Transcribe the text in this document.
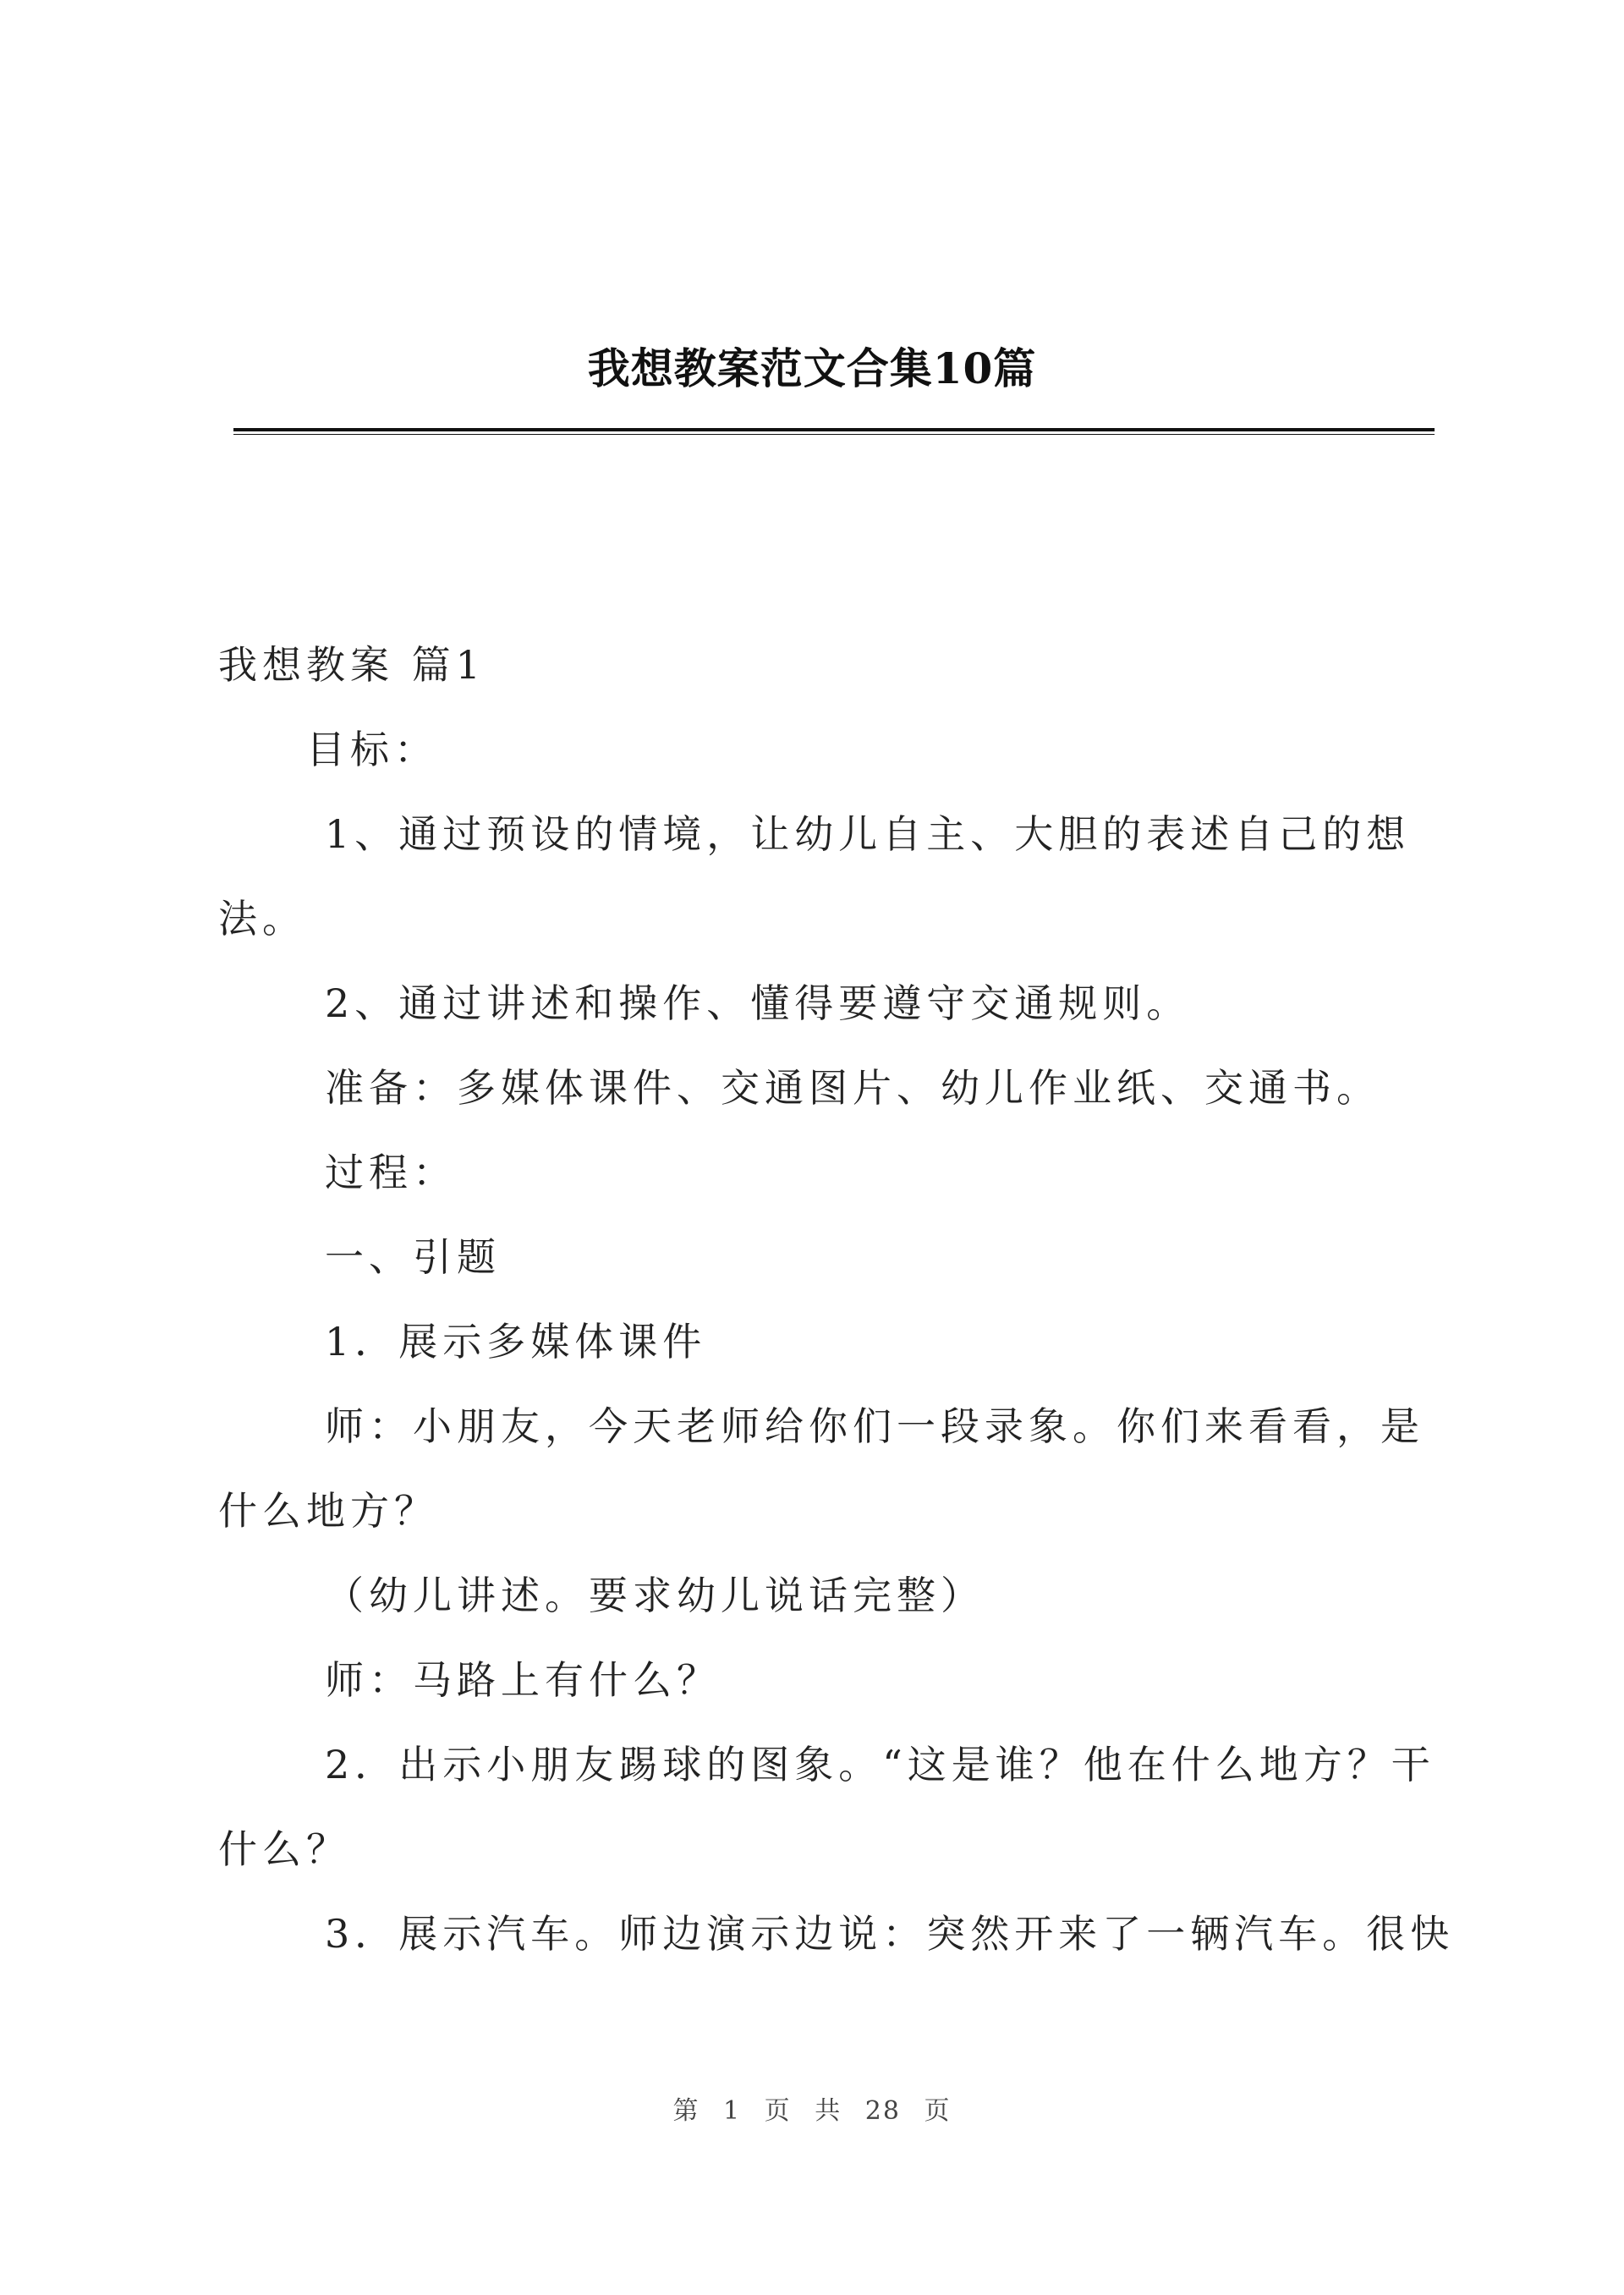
我想教案范文合集10篇
我想教案 篇1
目标：
1、通过预设的情境，让幼儿自主、大胆的表述自己的想
法。
2、通过讲述和操作、懂得要遵守交通规则。
准备：多媒体课件、交通图片、幼儿作业纸、交通书。
过程：
一、引题
1．展示多媒体课件
师：小朋友，今天老师给你们一段录象。你们来看看，是
什么地方？
（幼儿讲述。要求幼儿说话完整）
师：马路上有什么？
2．出示小朋友踢球的图象。“这是谁？他在什么地方？干
什么？
3．展示汽车。师边演示边说：突然开来了一辆汽车。很快
第 1 页 共 28 页
